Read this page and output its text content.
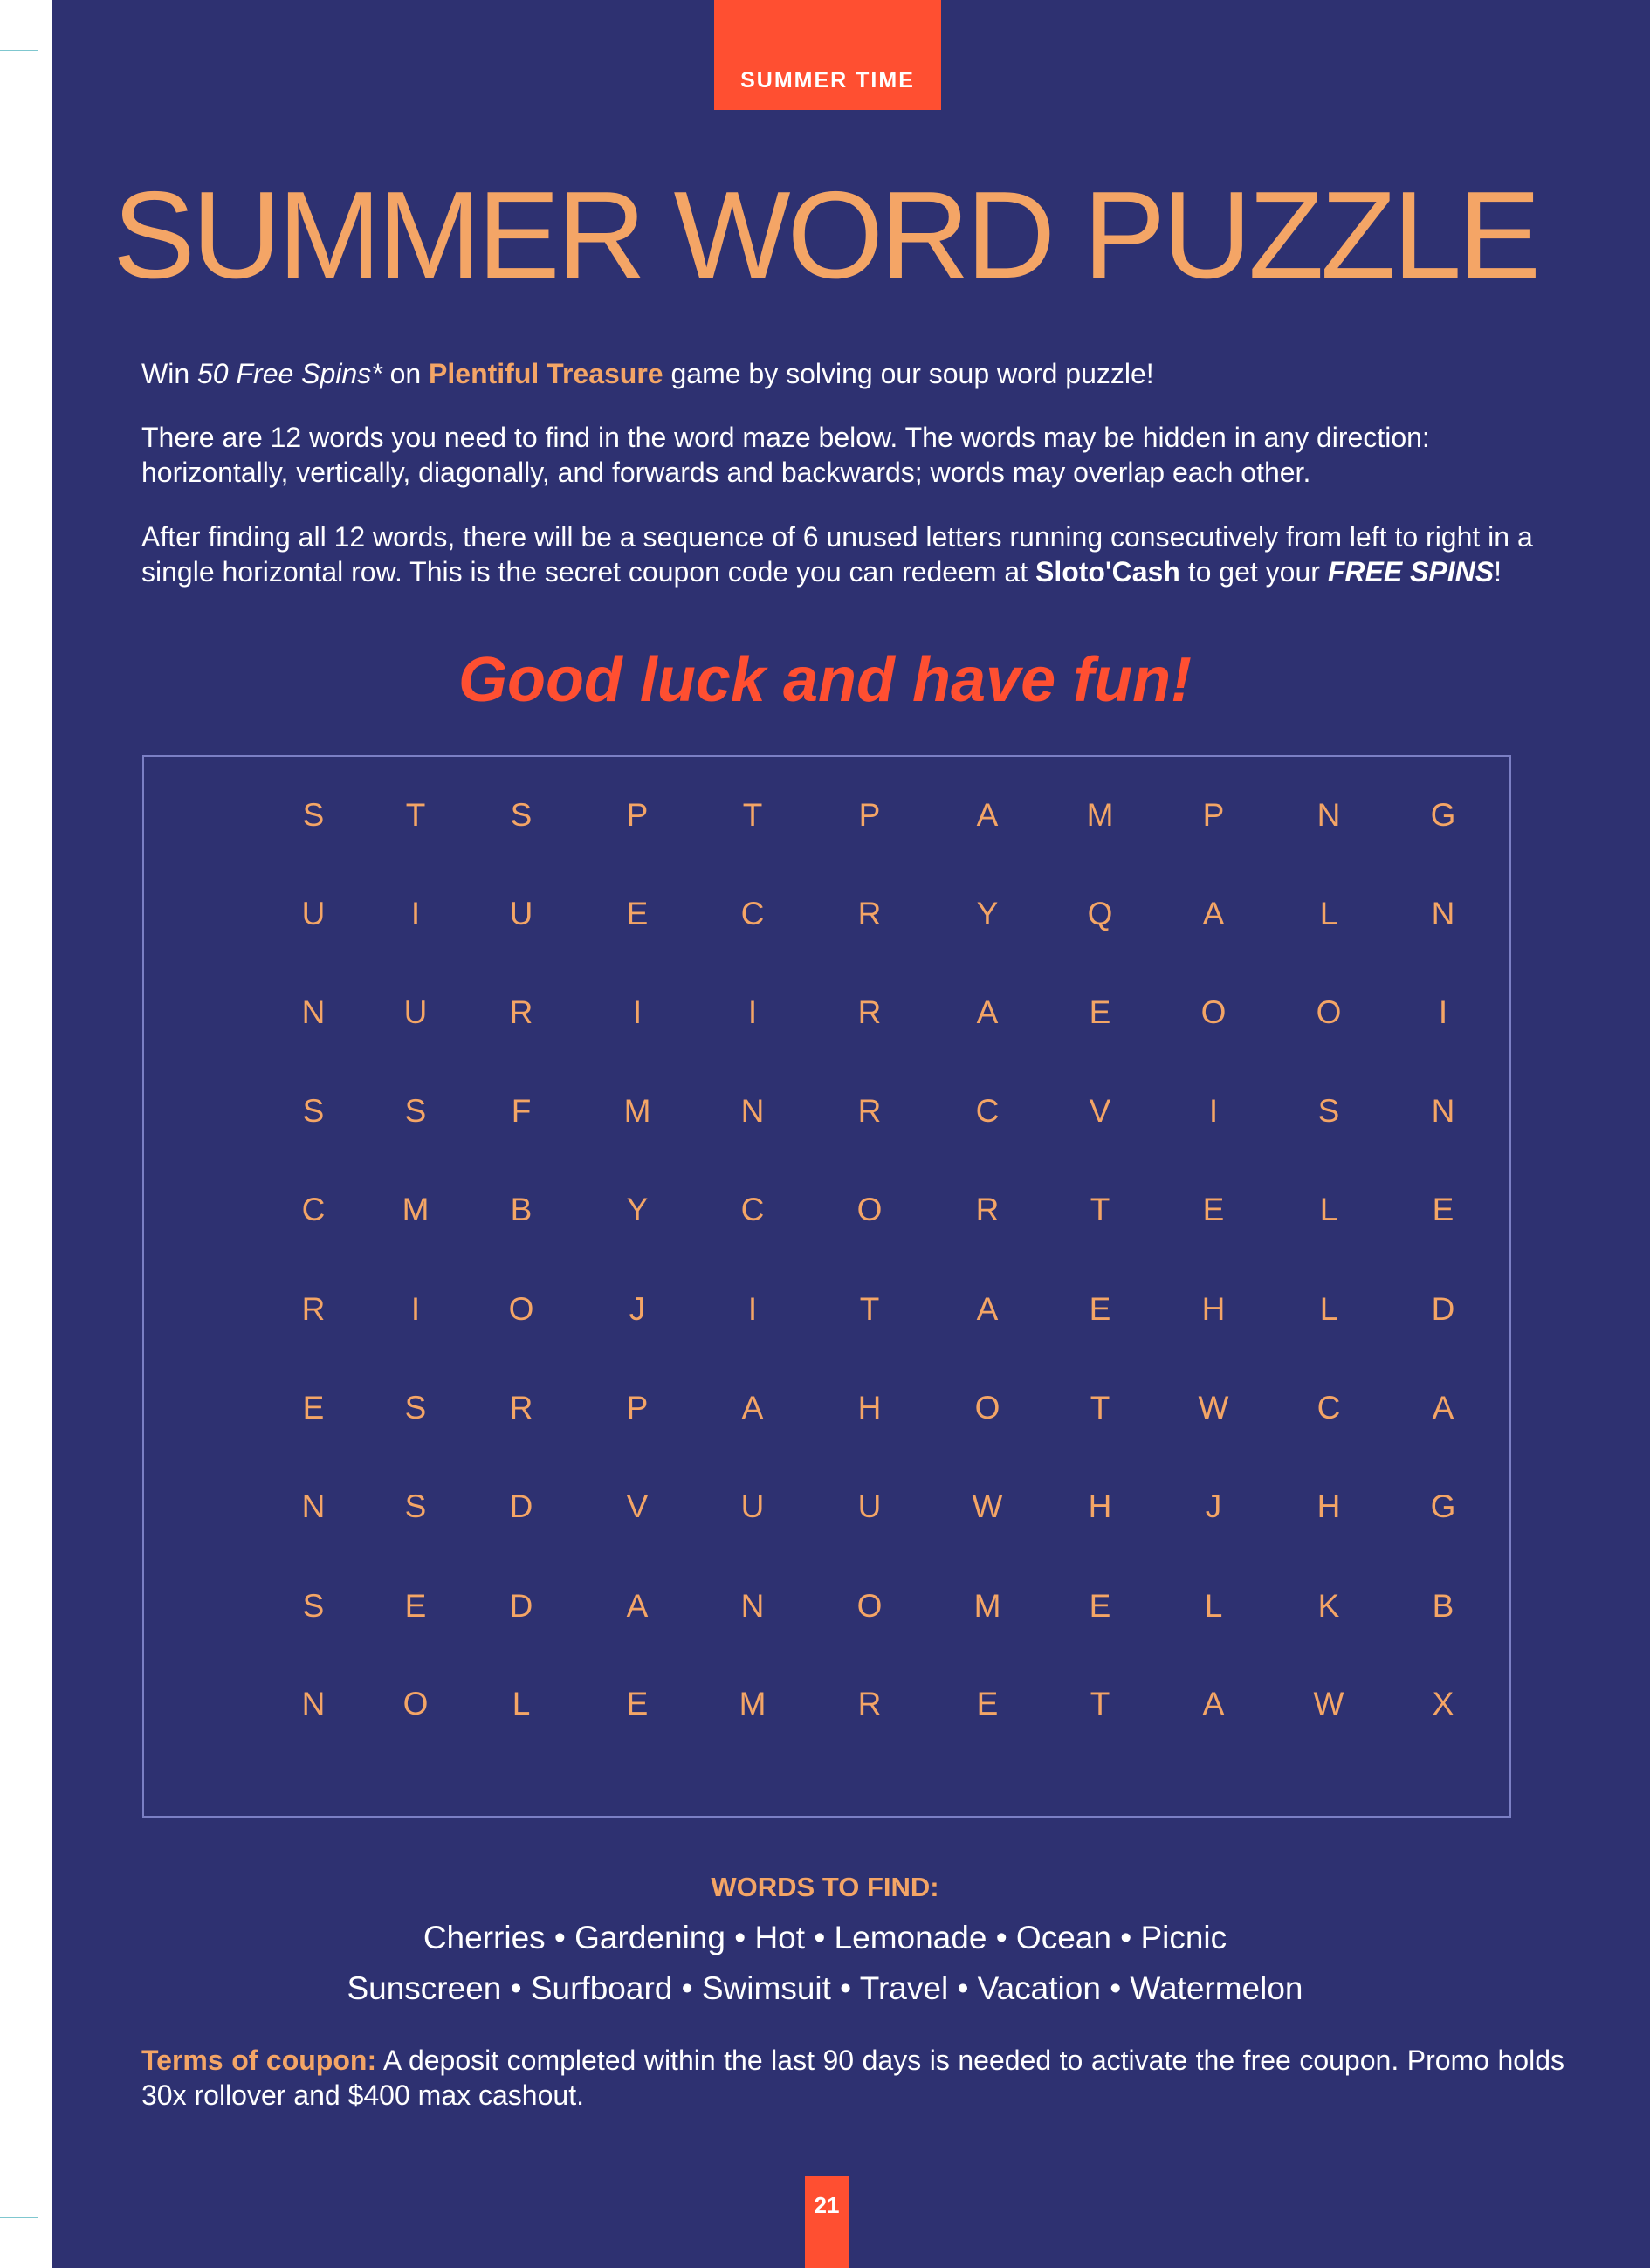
SUMMER TIME
SUMMER WORD PUZZLE

Win 50 Free Spins* on Plentiful Treasure game by solving our soup word puzzle!

There are 12 words you need to find in the word maze below. The words may be hidden in any direction: horizontally, vertically, diagonally, and forwards and backwards; words may overlap each other.

After finding all 12 words, there will be a sequence of 6 unused letters running consecutively from left to right in a single horizontal row. This is the secret coupon code you can redeem at Sloto'Cash to get your FREE SPINS!

Good luck and have fun!
S	T	S	P	T	P	A	M	P	N	G
U	I	U	E	C	R	Y	Q	A	L	N
N	U	R	I	I	R	A	E	O	O	I
S	S	F	M	N	R	C	V	I	S	N
C	M	B	Y	C	O	R	T	E	L	E
R	I	O	J	I	T	A	E	H	L	D
E	S	R	P	A	H	O	T	W	C	A
N	S	D	V	U	U	W	H	J	H	G
S	E	D	A	N	O	M	E	L	K	B
N	O	L	E	M	R	E	T	A	W	X
WORDS TO FIND:
Cherries • Gardening • Hot • Lemonade • Ocean • Picnic
Sunscreen • Surfboard • Swimsuit • Travel • Vacation • Watermelon

Terms of coupon: A deposit completed within the last 90 days is needed to activate the free coupon. Promo holds 30x rollover and $400 max cashout.

21
